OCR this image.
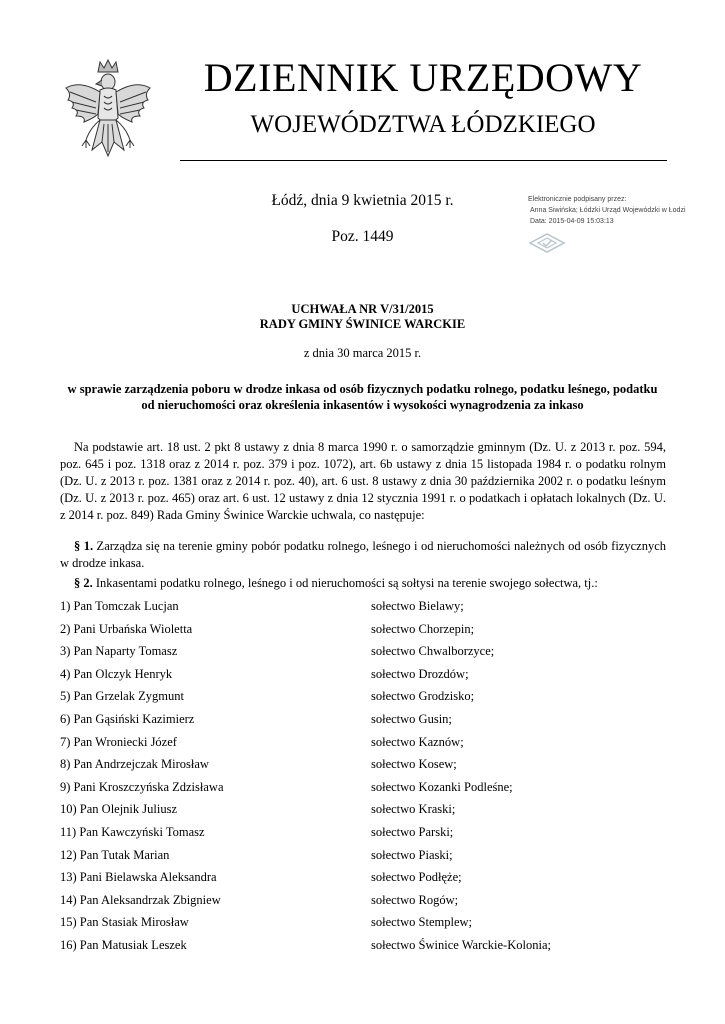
DZIENNIK URZĘDOWY
WOJEWÓDZTWA ŁÓDZKIEGO
Łódź, dnia 9 kwietnia 2015 r.
Poz. 1449
Elektronicznie podpisany przez:
Anna Siwińska; Łódzki Urząd Wojewódzki w Łodzi
Data: 2015-04-09 15:03:13
UCHWAŁA NR V/31/2015
RADY GMINY ŚWINICE WARCKIE
z dnia 30 marca 2015 r.
w sprawie zarządzenia poboru w drodze inkasa od osób fizycznych podatku rolnego, podatku leśnego, podatku od nieruchomości oraz określenia inkasentów i wysokości wynagrodzenia za inkaso

Na podstawie art. 18 ust. 2 pkt 8 ustawy z dnia 8 marca 1990 r. o samorządzie gminnym (Dz. U. z 2013 r. poz. 594, poz. 645 i poz. 1318 oraz z 2014 r. poz. 379 i poz. 1072), art. 6b ustawy z dnia 15 listopada 1984 r. o podatku rolnym (Dz. U. z 2013 r. poz. 1381 oraz z 2014 r. poz. 40), art. 6 ust. 8 ustawy z dnia 30 października 2002 r. o podatku leśnym (Dz. U. z 2013 r. poz. 465) oraz art. 6 ust. 12 ustawy z dnia 12 stycznia 1991 r. o podatkach i opłatach lokalnych (Dz. U. z 2014 r. poz. 849) Rada Gminy Świnice Warckie uchwala, co następuje:

§ 1. Zarządza się na terenie gminy pobór podatku rolnego, leśnego i od nieruchomości należnych od osób fizycznych w drodze inkasa.

§ 2. Inkasentami podatku rolnego, leśnego i od nieruchomości są sołtysi na terenie swojego sołectwa, tj.:

1) Pan Tomczak Lucjan	sołectwo Bielawy;
2) Pani Urbańska Wioletta	sołectwo Chorzepin;
3) Pan Naparty Tomasz	sołectwo Chwalborzyce;
4) Pan Olczyk Henryk	sołectwo Drozdów;
5) Pan Grzelak Zygmunt	sołectwo Grodzisko;
6) Pan Gąsiński Kazimierz	sołectwo Gusin;
7) Pan Wroniecki Józef	sołectwo Kaznów;
8) Pan Andrzejczak Mirosław	sołectwo Kosew;
9) Pani Kroszczyńska Zdzisława	sołectwo Kozanki Podleśne;
10) Pan Olejnik Juliusz	sołectwo Kraski;
11) Pan Kawczyński Tomasz	sołectwo Parski;
12) Pan Tutak Marian	sołectwo Piaski;
13) Pani Bielawska Aleksandra	sołectwo Podłęże;
14) Pan Aleksandrzak Zbigniew	sołectwo Rogów;
15) Pan Stasiak Mirosław	sołectwo Stemplew;
16) Pan Matusiak Leszek	sołectwo Świnice Warckie-Kolonia;
